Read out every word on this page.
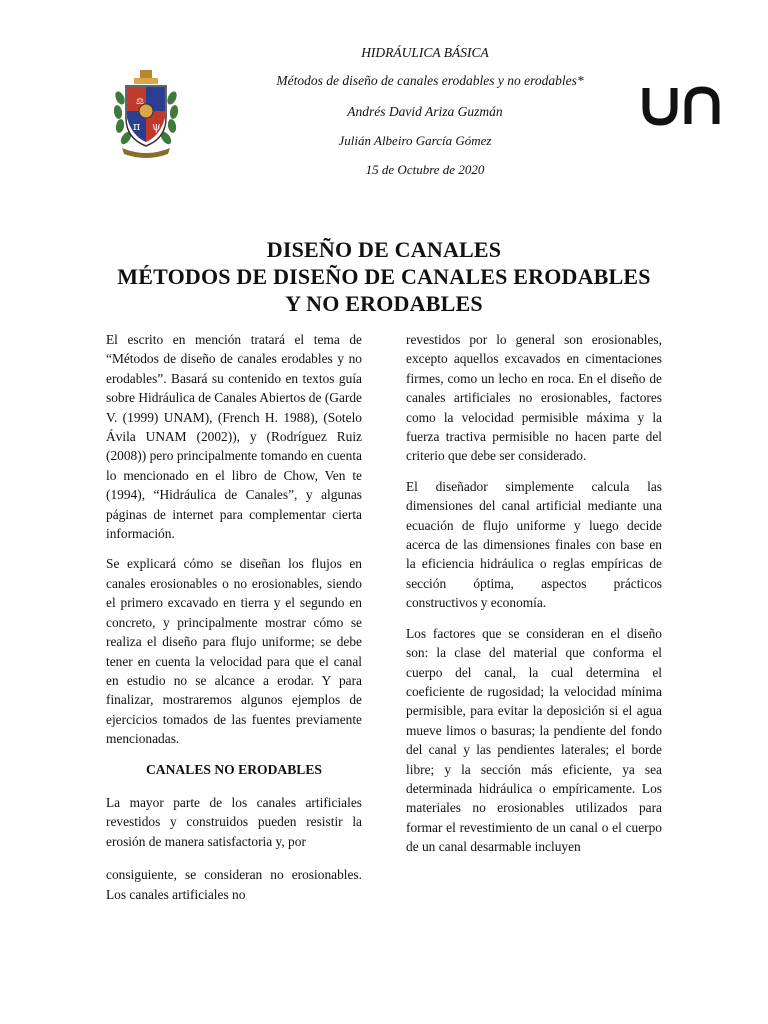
⚖
π ψ
HIDRÁULICA BÁSICA
Métodos de diseño de canales erodables y no erodables*
Andrés David Ariza Guzmán
Julián Albeiro García Gómez
15 de Octubre de 2020
un
DISEÑO DE CANALES
MÉTODOS DE DISEÑO DE CANALES ERODABLES
Y NO ERODABLES

El escrito en mención tratará el tema de “Métodos de diseño de canales erodables y no erodables”. Basará su contenido en textos guía sobre Hidráulica de Canales Abiertos de (Garde V. (1999) UNAM), (French H. 1988), (Sotelo Ávila UNAM (2002)), y (Rodríguez Ruiz (2008)) pero principalmente tomando en cuenta lo mencionado en el libro de Chow, Ven te (1994), “Hidráulica de Canales”, y algunas páginas de internet para complementar cierta información.

Se explicará cómo se diseñan los flujos en canales erosionables o no erosionables, siendo el primero excavado en tierra y el segundo en concreto, y principalmente mostrar cómo se realiza el diseño para flujo uniforme; se debe tener en cuenta la velocidad para que el canal en estudio no se alcance a erodar. Y para finalizar, mostraremos algunos ejemplos de ejercicios tomados de las fuentes previamente mencionadas.

CANALES NO ERODABLES

La mayor parte de los canales artificiales revestidos y construidos pueden resistir la erosión de manera satisfactoria y, por

consiguiente, se consideran no erosionables. Los canales artificiales no

revestidos por lo general son erosionables, excepto aquellos excavados en cimentaciones firmes, como un lecho en roca. En el diseño de canales artificiales no erosionables, factores como la velocidad permisible máxima y la fuerza tractiva permisible no hacen parte del criterio que debe ser considerado.

El diseñador simplemente calcula las dimensiones del canal artificial mediante una ecuación de flujo uniforme y luego decide acerca de las dimensiones finales con base en la eficiencia hidráulica o reglas empíricas de sección óptima, aspectos prácticos constructivos y economía.

Los factores que se consideran en el diseño son: la clase del material que conforma el cuerpo del canal, la cual determina el coeficiente de rugosidad; la velocidad mínima permisible, para evitar la deposición si el agua mueve limos o basuras; la pendiente del fondo del canal y las pendientes laterales; el borde libre; y la sección más eficiente, ya sea determinada hidráulica o empíricamente. Los materiales no erosionables utilizados para formar el revestimiento de un canal o el cuerpo de un canal desarmable incluyen
